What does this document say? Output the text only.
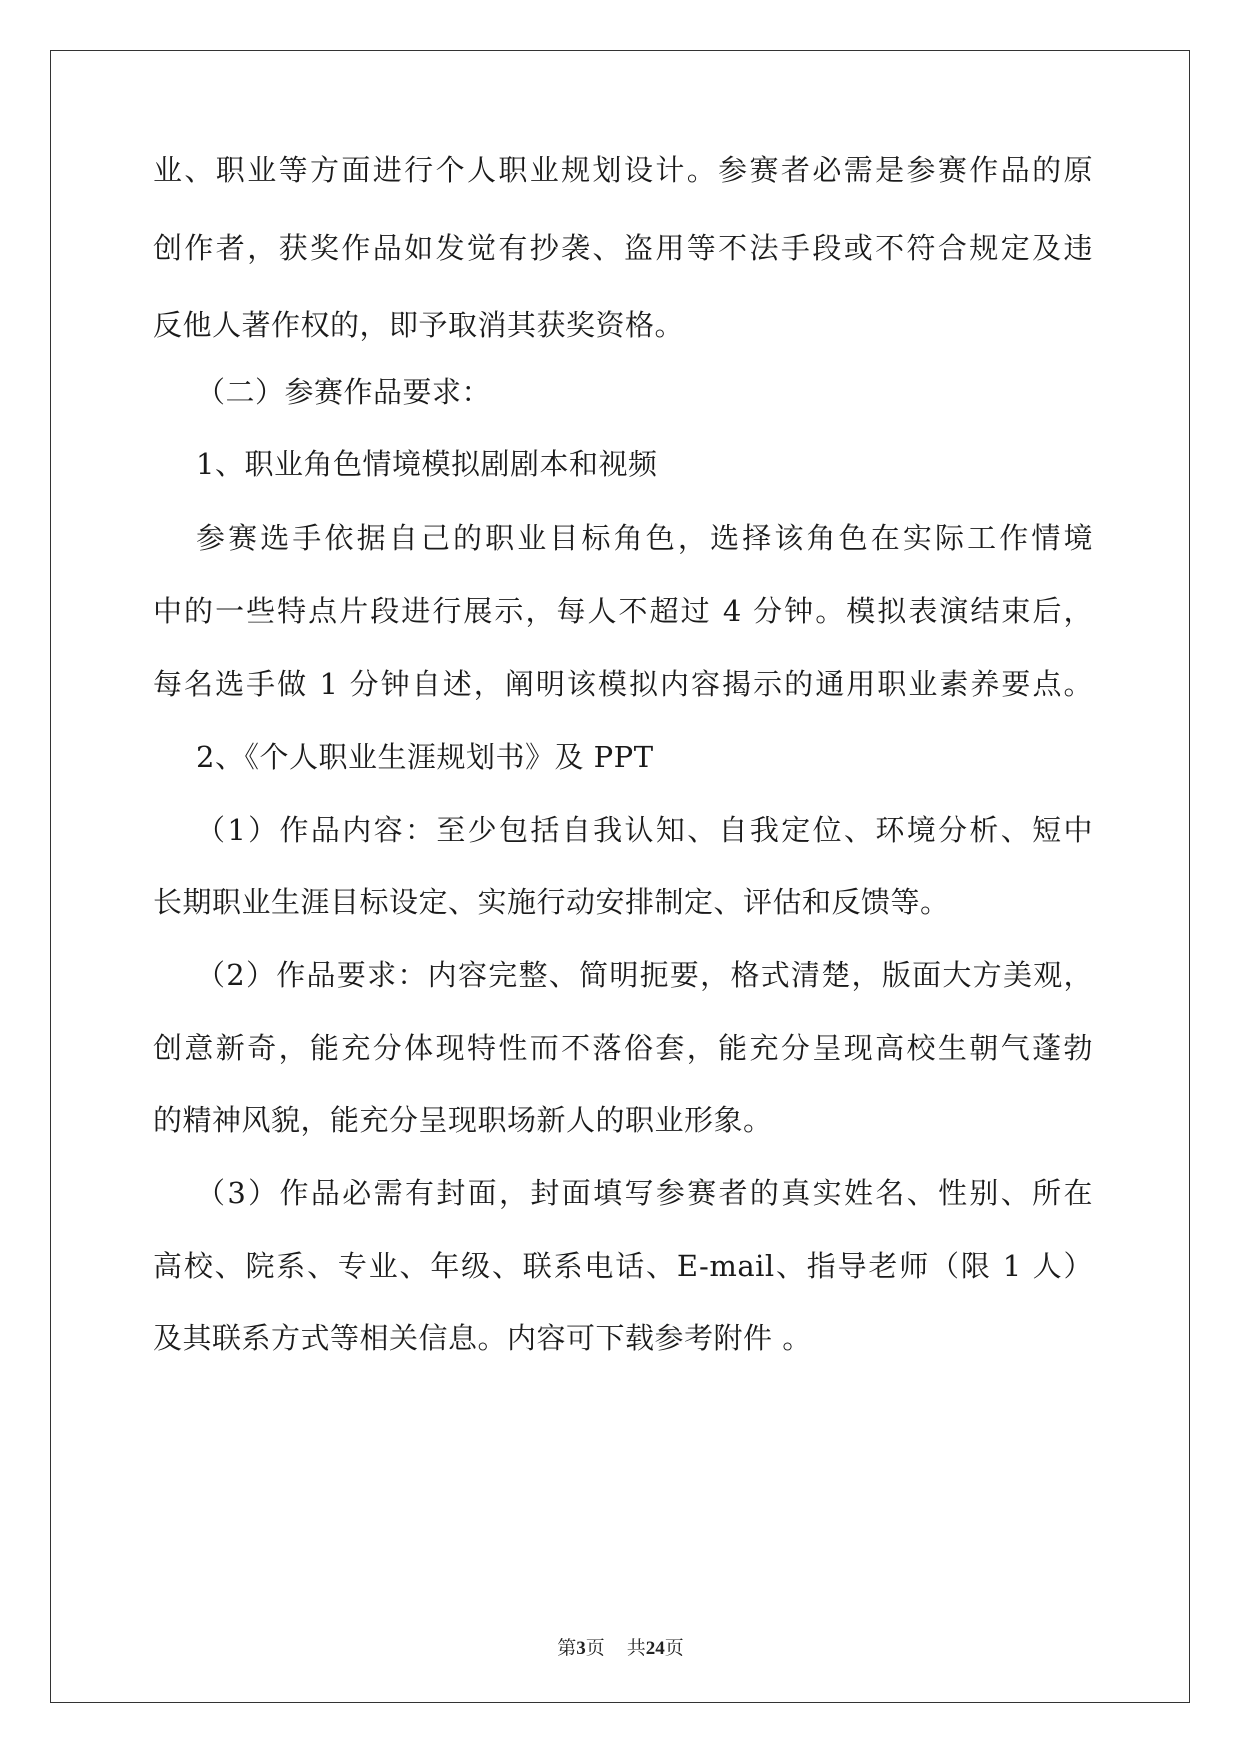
业、职业等方面进行个人职业规划设计。参赛者必需是参赛作品的原
创作者，获奖作品如发觉有抄袭、盗用等不法手段或不符合规定及违
反他人著作权的，即予取消其获奖资格。
（二）参赛作品要求：
1、职业角色情境模拟剧剧本和视频
参赛选手依据自己的职业目标角色，选择该角色在实际工作情境
中的一些特点片段进行展示，每人不超过 4 分钟。模拟表演结束后，
每名选手做 1 分钟自述，阐明该模拟内容揭示的通用职业素养要点。
2、《个人职业生涯规划书》及 PPT
（1）作品内容：至少包括自我认知、自我定位、环境分析、短中
长期职业生涯目标设定、实施行动安排制定、评估和反馈等。
（2）作品要求：内容完整、简明扼要，格式清楚，版面大方美观，
创意新奇，能充分体现特性而不落俗套，能充分呈现高校生朝气蓬勃
的精神风貌，能充分呈现职场新人的职业形象。
（3）作品必需有封面，封面填写参赛者的真实姓名、性别、所在
高校、院系、专业、年级、联系电话、E-mail、指导老师（限 1 人）
及其联系方式等相关信息。内容可下载参考附件 。
第3页 共24页
